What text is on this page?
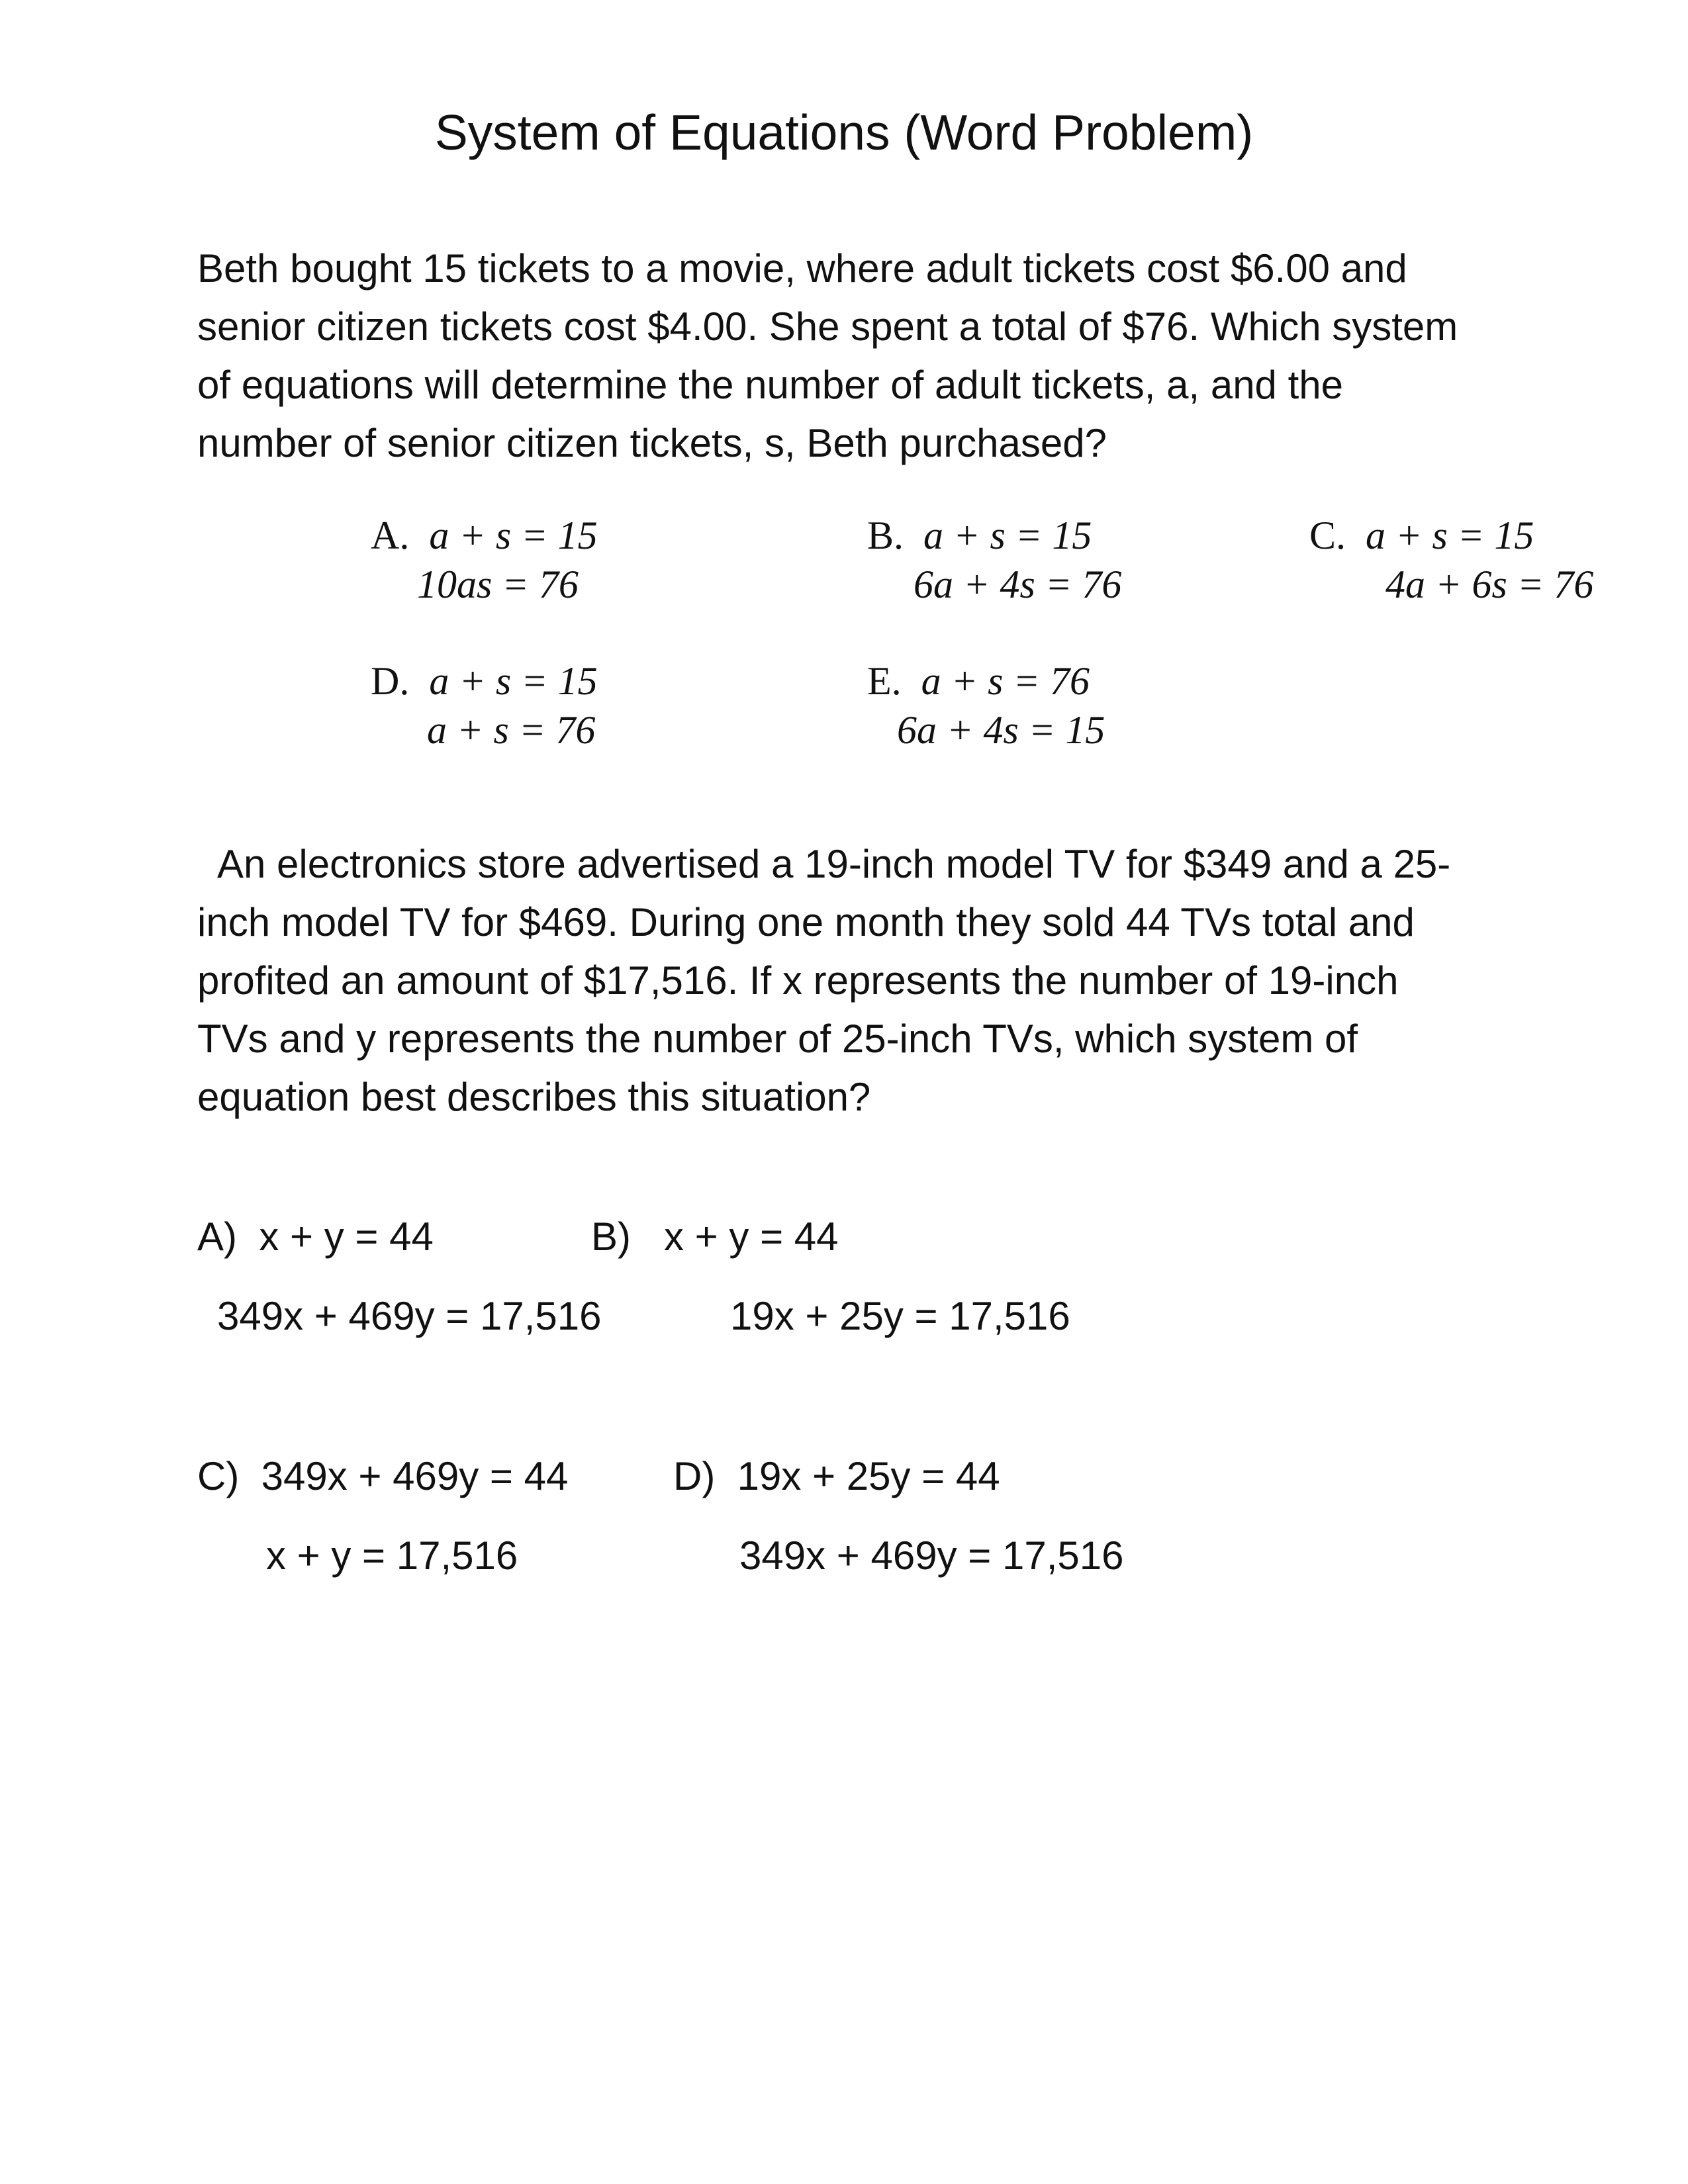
System of Equations (Word Problem)
Beth bought 15 tickets to a movie, where adult tickets cost $6.00 and
senior citizen tickets cost $4.00. She spent a total of $76. Which system
of equations will determine the number of adult tickets, a, and the
number of senior citizen tickets, s, Beth purchased?
A. a + s = 15
10as = 76
B. a + s = 15
6a + 4s = 76
C. a + s = 15
4a + 6s = 76
D. a + s = 15
a + s = 76
E. a + s = 76
6a + 4s = 15
An electronics store advertised a 19-inch model TV for $349 and a 25-
inch model TV for $469. During one month they sold 44 TVs total and
profited an amount of $17,516. If x represents the number of 19-inch
TVs and y represents the number of 25-inch TVs, which system of
equation best describes this situation?
A) x + y = 44
349x + 469y = 17,516
B) x + y = 44
19x + 25y = 17,516
C) 349x + 469y = 44
x + y = 17,516
D) 19x + 25y = 44
349x + 469y = 17,516
